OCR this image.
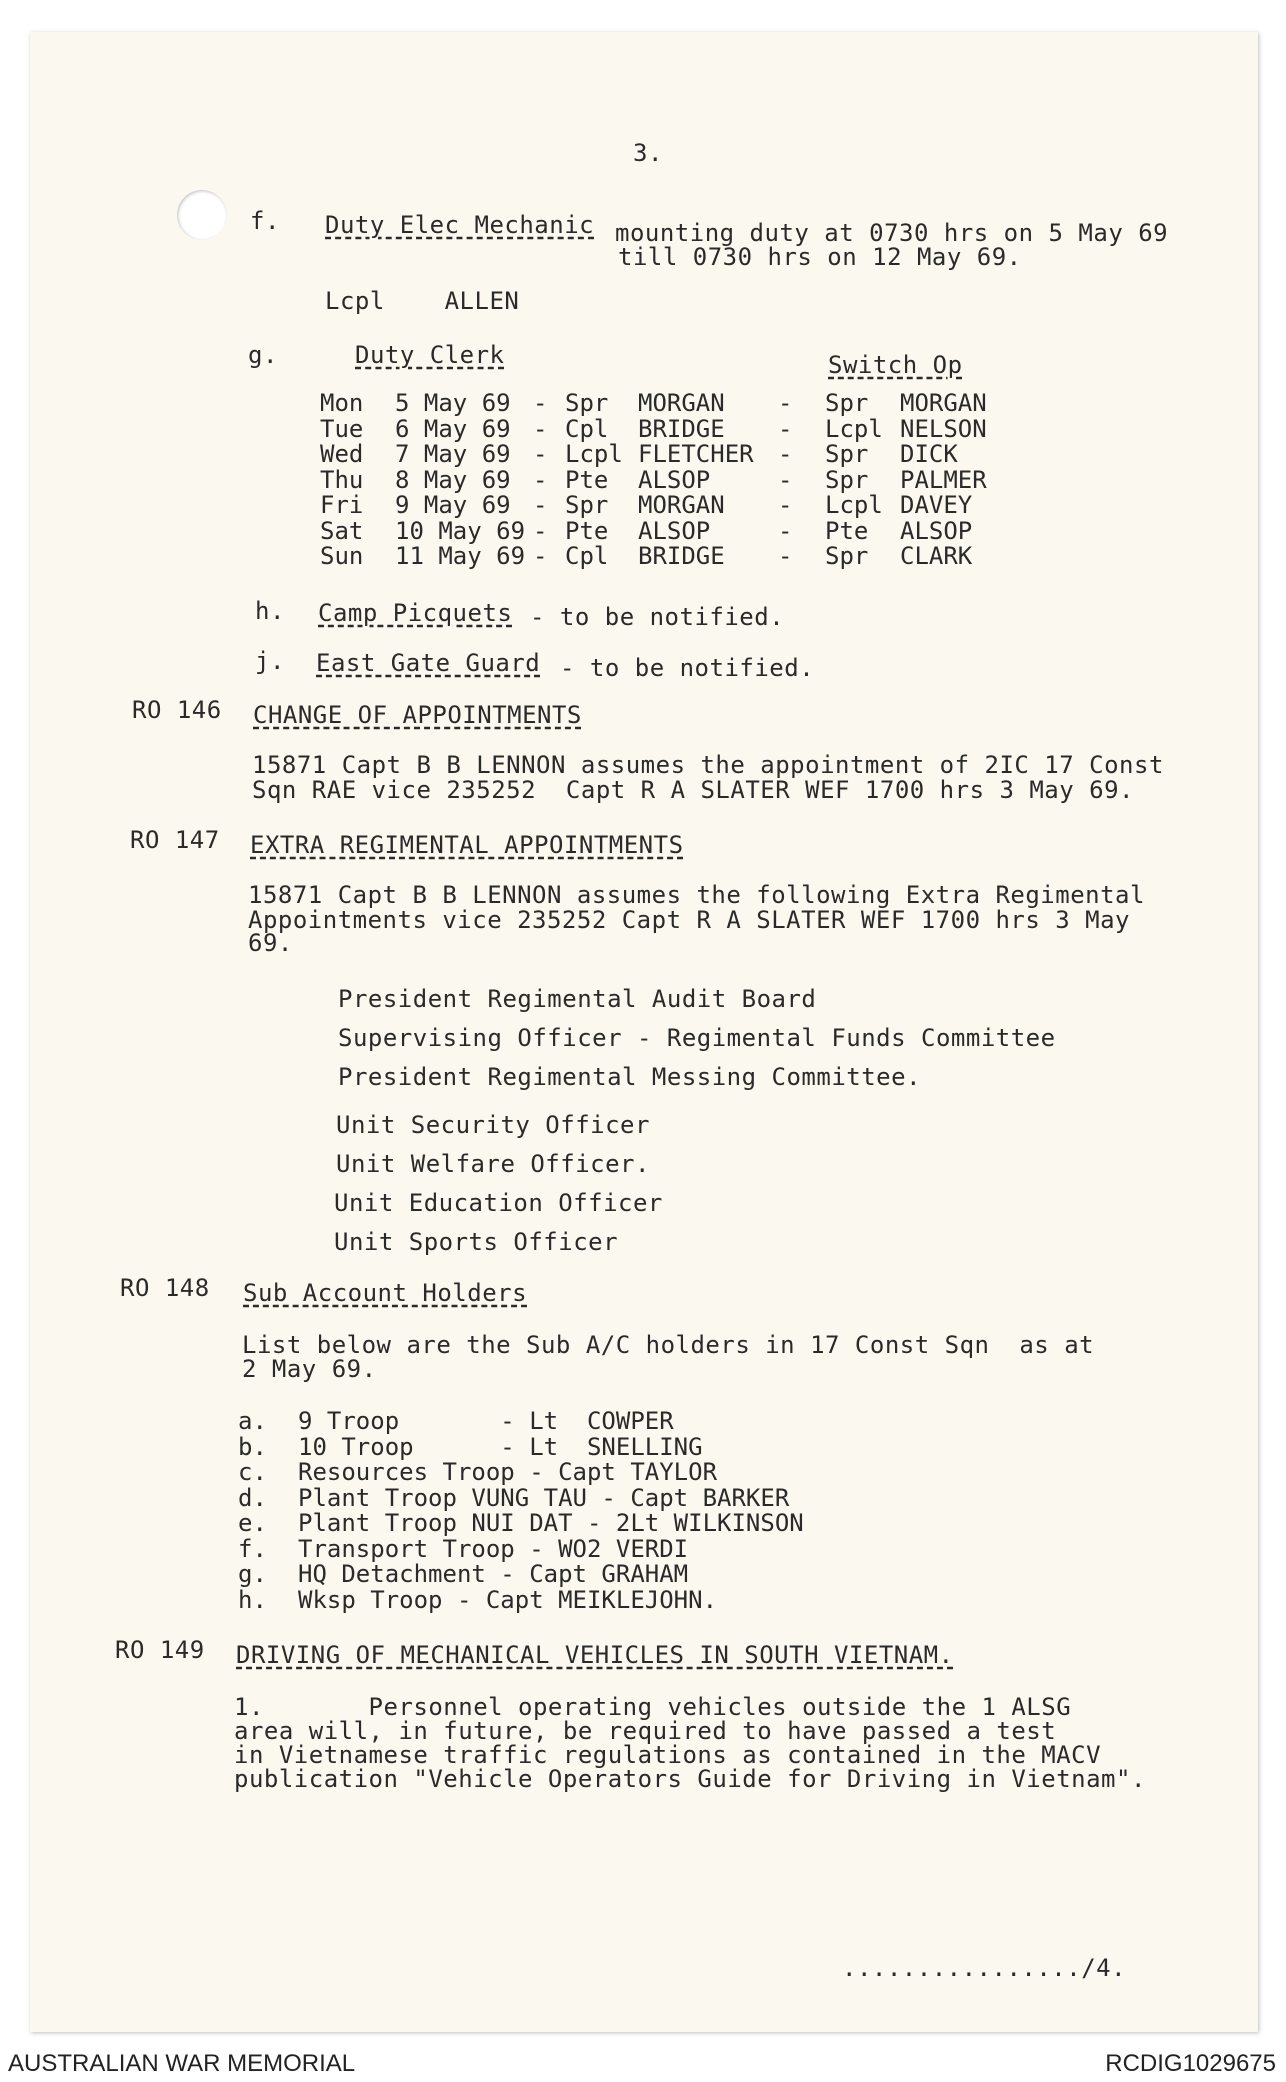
3.
f. Duty Elec Mechanic mounting duty at 0730 hrs on 5 May 69
till 0730 hrs on 12 May 69.
Lcpl    ALLEN
g.	Duty Clerk	Switch Op
Mon 5 May 69 - Spr MORGAN - Spr MORGAN
Tue 6 May 69 - Cpl BRIDGE - Lcpl NELSON
Wed 7 May 69 - Lcpl FLETCHER - Spr DICK
Thu 8 May 69 - Pte ALSOP	- Spr PALMER
Fri 9 May 69 - Spr MORGAN - Lcpl DAVEY
Sat 10 May 69 - Pte ALSOP	- Pte ALSOP
Sun 11 May 69 - Cpl BRIDGE - Spr CLARK
h. Camp Picquets - to be notified.
j. East Gate Guard - to be notified.
RO 146 CHANGE OF APPOINTMENTS
15871 Capt B B LENNON assumes the appointment of 2IC 17 Const
Sqn RAE vice 235252  Capt R A SLATER WEF 1700 hrs 3 May 69.
RO 147 EXTRA REGIMENTAL APPOINTMENTS
15871 Capt B B LENNON assumes the following Extra Regimental
Appointments vice 235252 Capt R A SLATER WEF 1700 hrs 3 May
69.
President Regimental Audit Board
Supervising Officer - Regimental Funds Committee
President Regimental Messing Committee.
Unit Security Officer
Unit Welfare Officer.
Unit Education Officer
Unit Sports Officer
RO 148 Sub Account Holders
List below are the Sub A/C holders in 17 Const Sqn  as at
2 May 69.
a. 9 Troop       - Lt  COWPER
b. 10 Troop      - Lt  SNELLING
c. Resources Troop - Capt TAYLOR
d. Plant Troop VUNG TAU - Capt BARKER
e. Plant Troop NUI DAT - 2Lt WILKINSON
f. Transport Troop - WO2 VERDI
g. HQ Detachment - Capt GRAHAM
h. Wksp Troop - Capt MEIKLEJOHN.
RO 149 DRIVING OF MECHANICAL VEHICLES IN SOUTH VIETNAM.
1.       Personnel operating vehicles outside the 1 ALSG
area will, in future, be required to have passed a test
in Vietnamese traffic regulations as contained in the MACV
publication "Vehicle Operators Guide for Driving in Vietnam".
................/4.
AUSTRALIAN WAR MEMORIAL	RCDIG1029675
